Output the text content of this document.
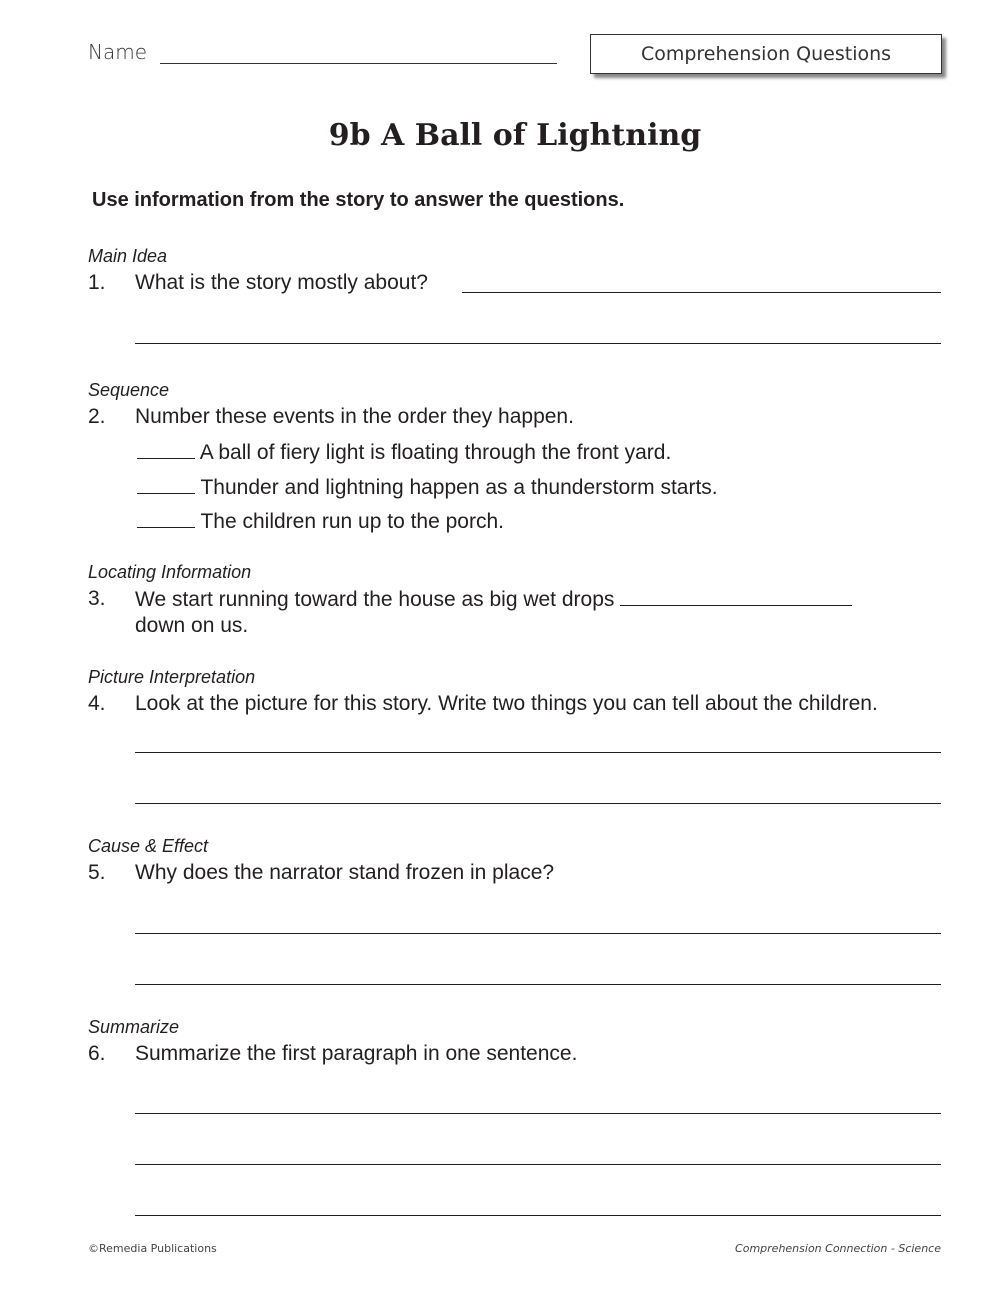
Name	Comprehension Questions
9b A Ball of Lightning
Use information from the story to answer the questions.
Main Idea
1. What is the story mostly about?
Sequence
2. Number these events in the order they happen.
A ball of fiery light is floating through the front yard.
Thunder and lightning happen as a thunderstorm starts.
The children run up to the porch.
Locating Information
3. We start running toward the house as big wet drops
down on us.
Picture Interpretation
4. Look at the picture for this story. Write two things you can tell about the children.
Cause & Effect
5. Why does the narrator stand frozen in place?
Summarize
6. Summarize the first paragraph in one sentence.
©Remedia Publications	Comprehension Connection - Science
